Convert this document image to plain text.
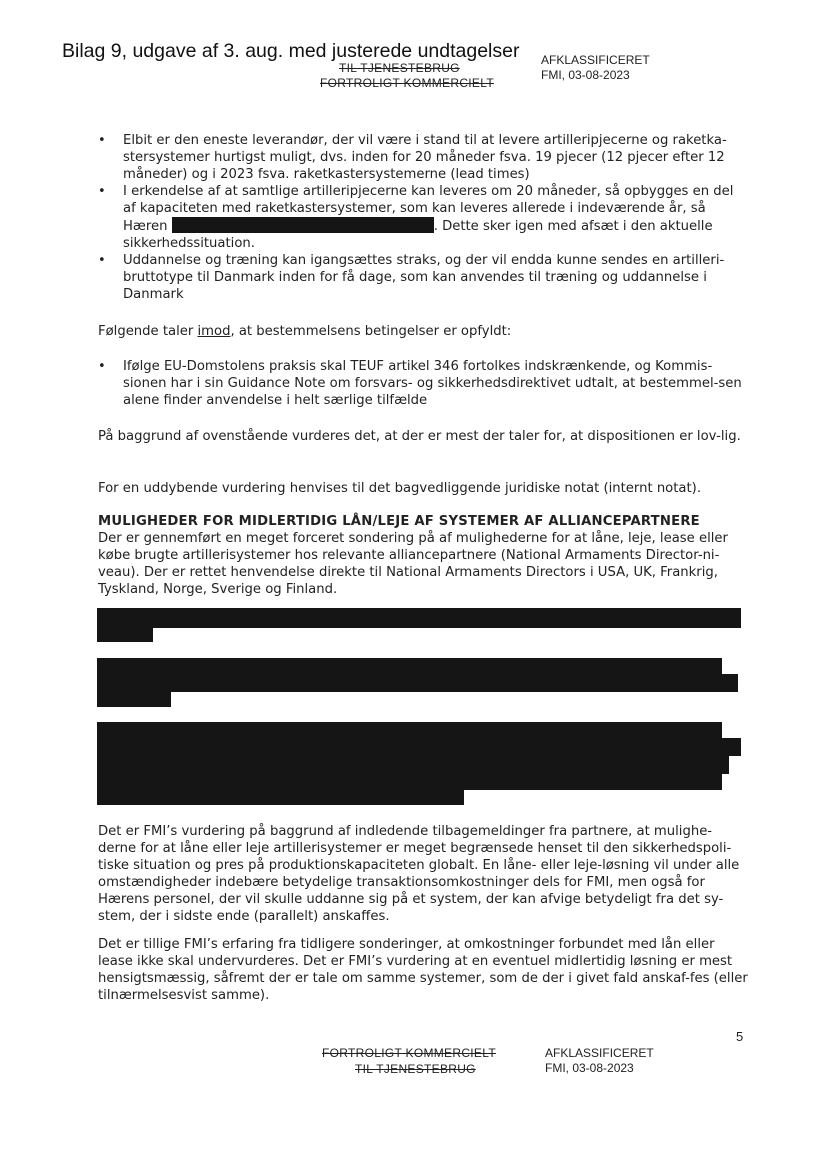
Bilag 9, udgave af 3. aug. med justerede undtagelser
TIL TJENESTEBRUG
FORTROLIGT KOMMERCIELT
AFKLASSIFICERET
FMI, 03-08-2023
• Elbit er den eneste leverandør, der vil være i stand til at levere artilleripjecerne og raketka-stersystemer hurtigst muligt, dvs. inden for 20 måneder fsva. 19 pjecer (12 pjecer efter 12 måneder) og i 2023 fsva. raketkastersystemerne (lead times)
• I erkendelse af at samtlige artilleripjecerne kan leveres om 20 måneder, så opbygges en del af kapaciteten med raketkastersystemer, som kan leveres allerede i indeværende år, så Hæren	. Dette sker igen med afsæt i den aktuelle sikkerhedssituation.
• Uddannelse og træning kan igangsættes straks, og der vil endda kunne sendes en artilleri-bruttotype til Danmark inden for få dage, som kan anvendes til træning og uddannelse i Danmark
Følgende taler imod, at bestemmelsens betingelser er opfyldt:
• Ifølge EU-Domstolens praksis skal TEUF artikel 346 fortolkes indskrænkende, og Kommis-sionen har i sin Guidance Note om forsvars- og sikkerhedsdirektivet udtalt, at bestemmel-sen alene finder anvendelse i helt særlige tilfælde
På baggrund af ovenstående vurderes det, at der er mest der taler for, at dispositionen er lov-lig.
For en uddybende vurdering henvises til det bagvedliggende juridiske notat (internt notat).
MULIGHEDER FOR MIDLERTIDIG LÅN/LEJE AF SYSTEMER AF ALLIANCEPARTNERE
Der er gennemført en meget forceret sondering på af mulighederne for at låne, leje, lease eller købe brugte artillerisystemer hos relevante alliancepartnere (National Armaments Director-ni-veau). Der er rettet henvendelse direkte til National Armaments Directors i USA, UK, Frankrig, Tyskland, Norge, Sverige og Finland.
Det er FMI’s vurdering på baggrund af indledende tilbagemeldinger fra partnere, at mulighe-derne for at låne eller leje artillerisystemer er meget begrænsede henset til den sikkerhedspoli-tiske situation og pres på produktionskapaciteten globalt. En låne- eller leje-løsning vil under alle omstændigheder indebære betydelige transaktionsomkostninger dels for FMI, men også for Hærens personel, der vil skulle uddanne sig på et system, der kan afvige betydeligt fra det sy-stem, der i sidste ende (parallelt) anskaffes.
Det er tillige FMI’s erfaring fra tidligere sonderinger, at omkostninger forbundet med lån eller lease ikke skal undervurderes. Det er FMI’s vurdering at en eventuel midlertidig løsning er mest hensigtsmæssig, såfremt der er tale om samme systemer, som de der i givet fald anskaf-fes (eller tilnærmelsesvist samme).
5
FORTROLIGT KOMMERCIELT
TIL TJENESTEBRUG
AFKLASSIFICERET
FMI, 03-08-2023
